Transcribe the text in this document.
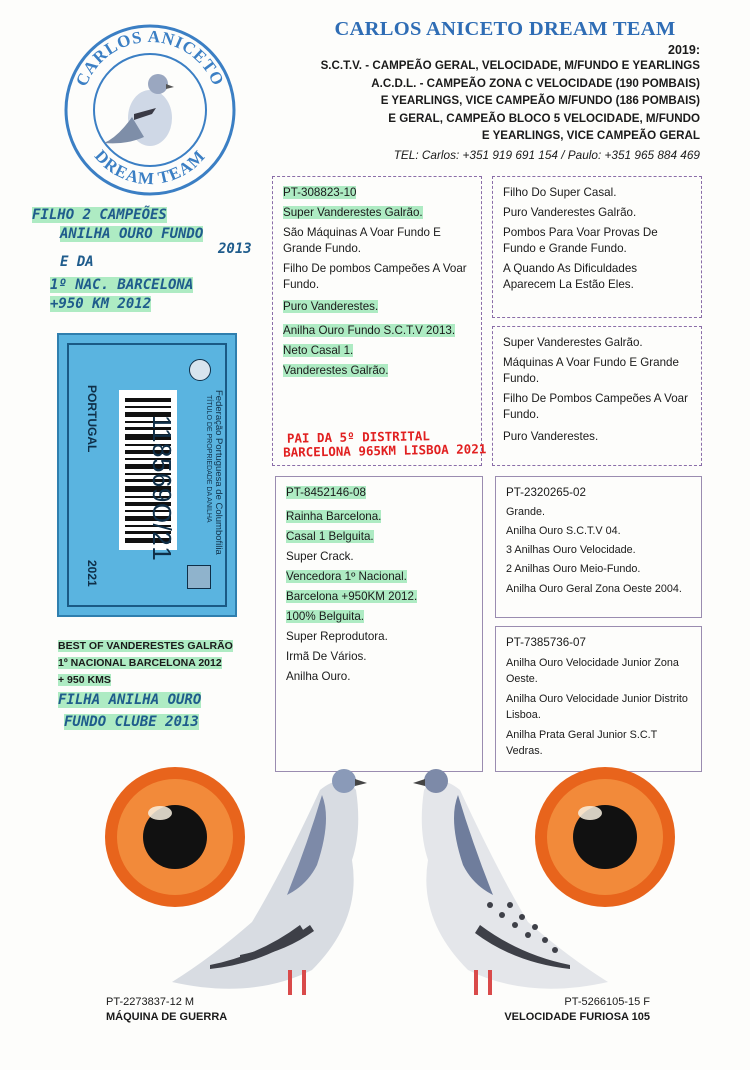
CARLOS ANICETO
DREAM TEAM
CARLOS ANICETO DREAM TEAM
2019:
S.C.T.V. - CAMPEÃO GERAL, VELOCIDADE, M/FUNDO E YEARLINGS
A.C.D.L. - CAMPEÃO ZONA C VELOCIDADE (190 POMBAIS)
E YEARLINGS, VICE CAMPEÃO M/FUNDO (186 POMBAIS)
E GERAL, CAMPEÃO BLOCO 5 VELOCIDADE, M/FUNDO
E YEARLINGS, VICE CAMPEÃO GERAL
TEL: Carlos: +351 919 691 154 / Paulo: +351 965 884 469
FILHO 2 CAMPEÕES
ANILHA OURO FUNDO
2013
E DA
1º NAC. BARCELONA
+950 KM 2012
PORTUGAL
2021
118569O/21	Federação Portuguesa de Columbofilia
TÍTULO DE PROPRIEDADE DA ANILHA
BEST OF VANDERESTES GALRÃO
1º NACIONAL BARCELONA 2012
+ 950 KMS
FILHA ANILHA OURO
FUNDO CLUBE 2013
PT-308823-10
Super Vanderestes Galrão.
São Máquinas A Voar Fundo E Grande Fundo.
Filho De pombos Campeões A Voar Fundo.
Puro Vanderestes.
Anilha Ouro Fundo S.C.T.V 2013.
Neto Casal 1.
Vanderestes Galrão.
PAI DA 5º DISTRITAL
BARCELONA 965KM LISBOA 2021
Filho Do Super Casal.
Puro Vanderestes Galrão.
Pombos Para Voar Provas De Fundo e Grande Fundo.
A Quando As Dificuldades Aparecem La Estão Eles.
Super Vanderestes Galrão.
Máquinas A Voar Fundo E Grande Fundo.
Filho De Pombos Campeões A Voar Fundo.
Puro Vanderestes.
PT-8452146-08
Rainha Barcelona.
Casal 1 Belguita.
Super Crack.
Vencedora 1º Nacional.
Barcelona +950KM 2012.
100% Belguita.
Super Reprodutora.
Irmã De Vários.
Anilha Ouro.
PT-2320265-02
Grande.
Anilha Ouro S.C.T.V 04.
3 Anilhas Ouro Velocidade.
2 Anilhas Ouro Meio-Fundo.
Anilha Ouro Geral Zona Oeste 2004.
PT-7385736-07
Anilha Ouro Velocidade Junior Zona Oeste.
Anilha Ouro Velocidade Junior Distrito Lisboa.
Anilha Prata Geral Junior S.C.T Vedras.
PT-2273837-12 M
MÁQUINA DE GUERRA
PT-5266105-15 F
VELOCIDADE FURIOSA 105
